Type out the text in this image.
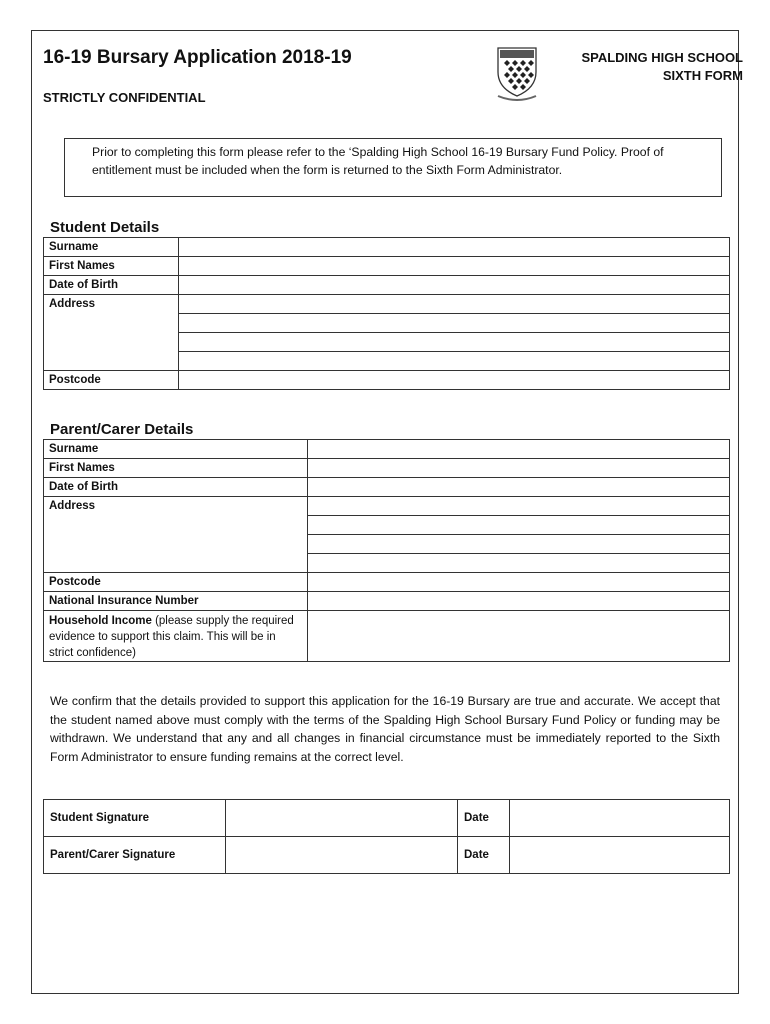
16-19 Bursary Application 2018-19
STRICTLY CONFIDENTIAL
SPALDING HIGH SCHOOL
SIXTH FORM
Prior to completing this form please refer to the ‘Spalding High School 16-19 Bursary Fund Policy. Proof of entitlement must be included when the form is returned to the Sixth Form Administrator.
Student Details
Surname	
First Names	
Date of Birth	
Address	

Postcode	
Parent/Carer Details
Surname	
First Names	
Date of Birth	
Address	

Postcode	
National Insurance Number	
Household Income (please supply the required evidence to support this claim. This will be in strict confidence)	
We confirm that the details provided to support this application for the 16-19 Bursary are true and accurate. We accept that the student named above must comply with the terms of the Spalding High School Bursary Fund Policy or funding may be withdrawn. We understand that any and all changes in financial circumstance must be immediately reported to the Sixth Form Administrator to ensure funding remains at the correct level.
Student Signature		Date	
Parent/Carer Signature		Date	
